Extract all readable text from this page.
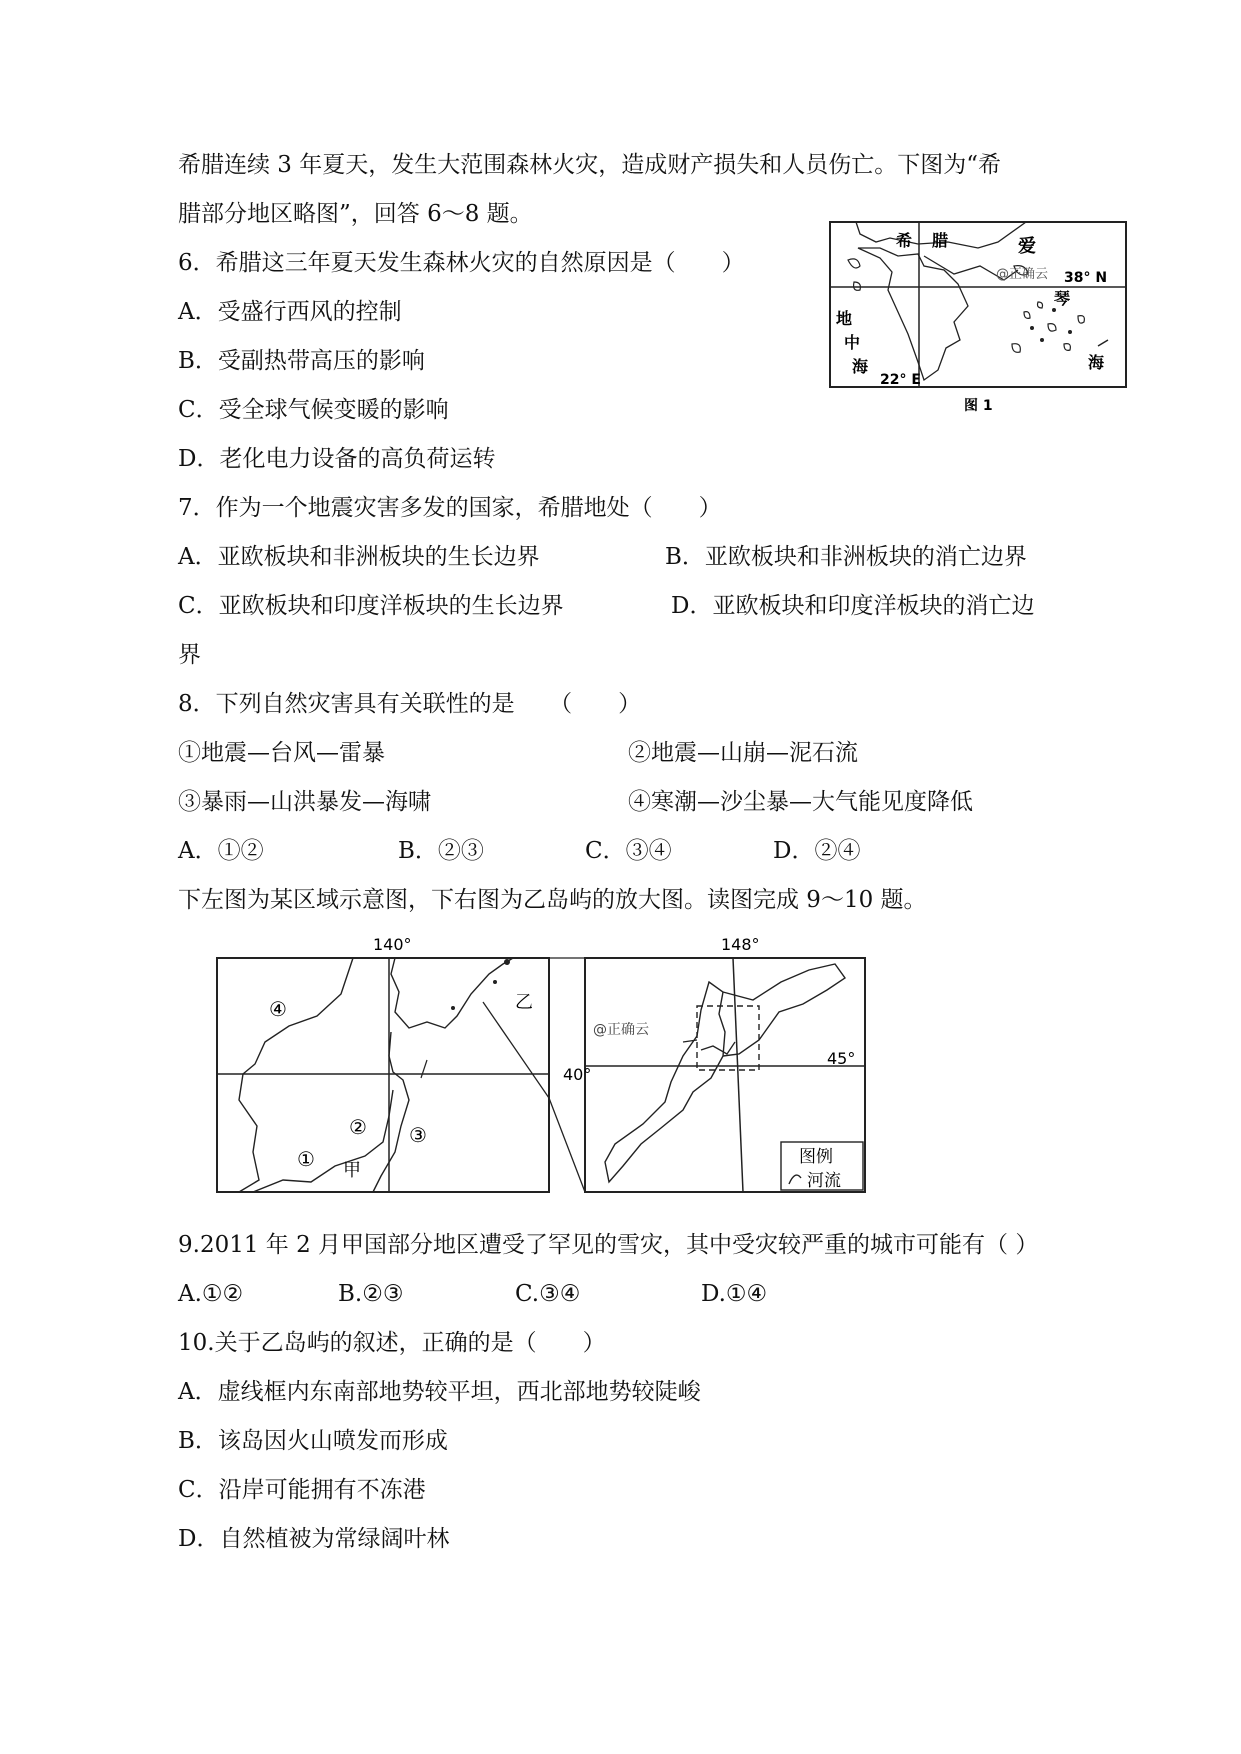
希腊连续 3 年夏天，发生大范围森林火灾，造成财产损失和人员伤亡。下图为“希
腊部分地区略图”，回答 6～8 题。
6．希腊这三年夏天发生森林火灾的自然原因是（　　）
A．受盛行西风的控制
B．受副热带高压的影响
C．受全球气候变暖的影响
D．老化电力设备的高负荷运转
7．作为一个地震灾害多发的国家，希腊地处（　　）
A．亚欧板块和非洲板块的生长边界	B．亚欧板块和非洲板块的消亡边界
C．亚欧板块和印度洋板块的生长边界	D．亚欧板块和印度洋板块的消亡边
界
8．下列自然灾害具有关联性的是　　（　　）
①地震—台风—雷暴	②地震—山崩—泥石流
③暴雨—山洪暴发—海啸	④寒潮—沙尘暴—大气能见度降低
A．①②	B．②③	C．③④	D．②④
下左图为某区域示意图，下右图为乙岛屿的放大图。读图完成 9～10 题。
9.2011 年 2 月甲国部分地区遭受了罕见的雪灾，其中受灾较严重的城市可能有（ ）
A.①②	B.②③	C.③④	D.①④
10.关于乙岛屿的叙述，正确的是（　　）
A．虚线框内东南部地势较平坦，西北部地势较陡峻
B．该岛因火山喷发而形成
C．沿岸可能拥有不冻港
D．自然植被为常绿阔叶林
希 腊	爱
琴
海
地
中
海
38° N
22° E
@正确云
图 1
140°
④
② ③
① 甲
乙
148°
@正确云
40°
45°
图例
河流
